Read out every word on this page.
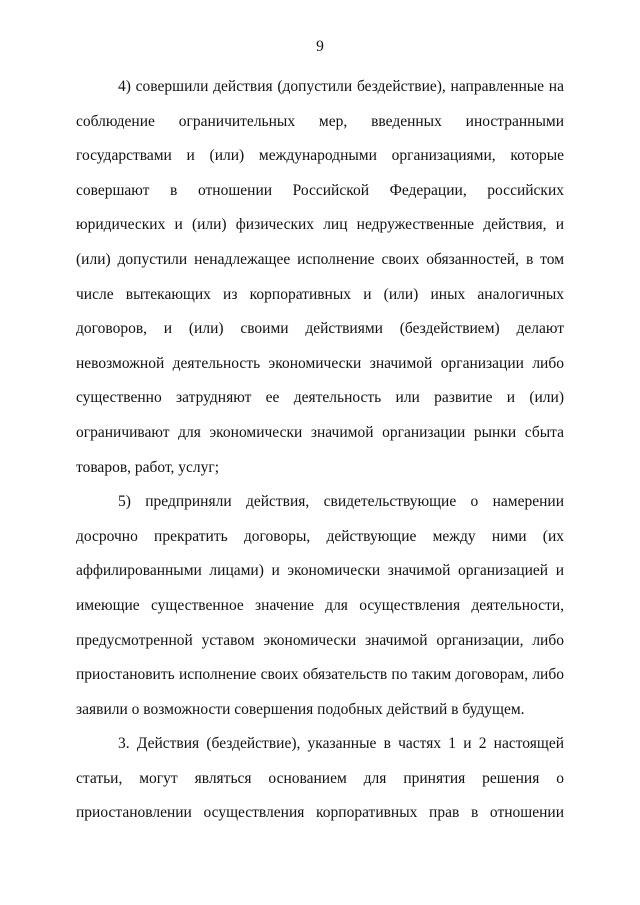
9

4) совершили действия (допустили бездействие), направленные на соблюдение ограничительных мер, введенных иностранными государствами и (или) международными организациями, которые совершают в отношении Российской Федерации, российских юридических и (или) физических лиц недружественные действия, и (или) допустили ненадлежащее исполнение своих обязанностей, в том числе вытекающих из корпоративных и (или) иных аналогичных договоров, и (или) своими действиями (бездействием) делают невозможной деятельность экономически значимой организации либо существенно затрудняют ее деятельность или развитие и (или) ограничивают для экономически значимой организации рынки сбыта товаров, работ, услуг;

5) предприняли действия, свидетельствующие о намерении досрочно прекратить договоры, действующие между ними (их аффилированными лицами) и экономически значимой организацией и имеющие существенное значение для осуществления деятельности, предусмотренной уставом экономически значимой организации, либо приостановить исполнение своих обязательств по таким договорам, либо заявили о возможности совершения подобных действий в будущем.

3. Действия (бездействие), указанные в частях 1 и 2 настоящей статьи, могут являться основанием для принятия решения о приостановлении осуществления корпоративных прав в отношении
